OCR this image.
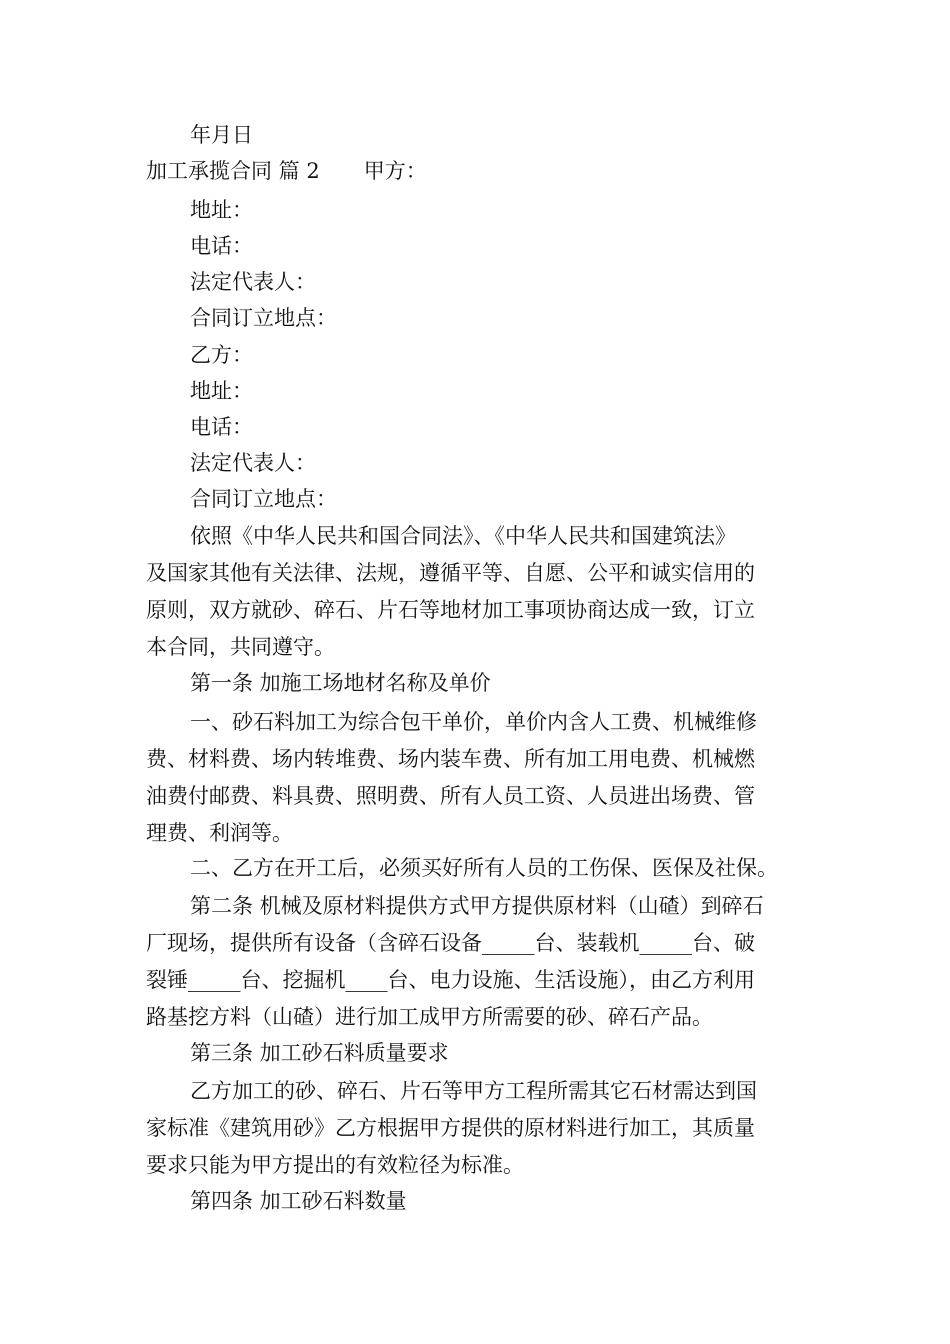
年月日
加工承揽合同 篇 2 甲方：
地址：
电话：
法定代表人：
合同订立地点：
乙方：
地址：
电话：
法定代表人：
合同订立地点：
依照《中华人民共和国合同法》、《中华人民共和国建筑法》
及国家其他有关法律、法规，遵循平等、自愿、公平和诚实信用的
原则，双方就砂、碎石、片石等地材加工事项协商达成一致，订立
本合同，共同遵守。
第一条 加施工场地材名称及单价
一、砂石料加工为综合包干单价，单价内含人工费、机械维修
费、材料费、场内转堆费、场内装车费、所有加工用电费、机械燃
油费付邮费、料具费、照明费、所有人员工资、人员进出场费、管
理费、利润等。
二、乙方在开工后，必须买好所有人员的工伤保、医保及社保。
第二条 机械及原材料提供方式甲方提供原材料（山碴）到碎石
厂现场，提供所有设备（含碎石设备_____台、装载机_____台、破
裂锤_____台、挖掘机____台、电力设施、生活设施），由乙方利用
路基挖方料（山碴）进行加工成甲方所需要的砂、碎石产品。
第三条 加工砂石料质量要求
乙方加工的砂、碎石、片石等甲方工程所需其它石材需达到国
家标准《建筑用砂》乙方根据甲方提供的原材料进行加工，其质量
要求只能为甲方提出的有效粒径为标准。
第四条 加工砂石料数量
